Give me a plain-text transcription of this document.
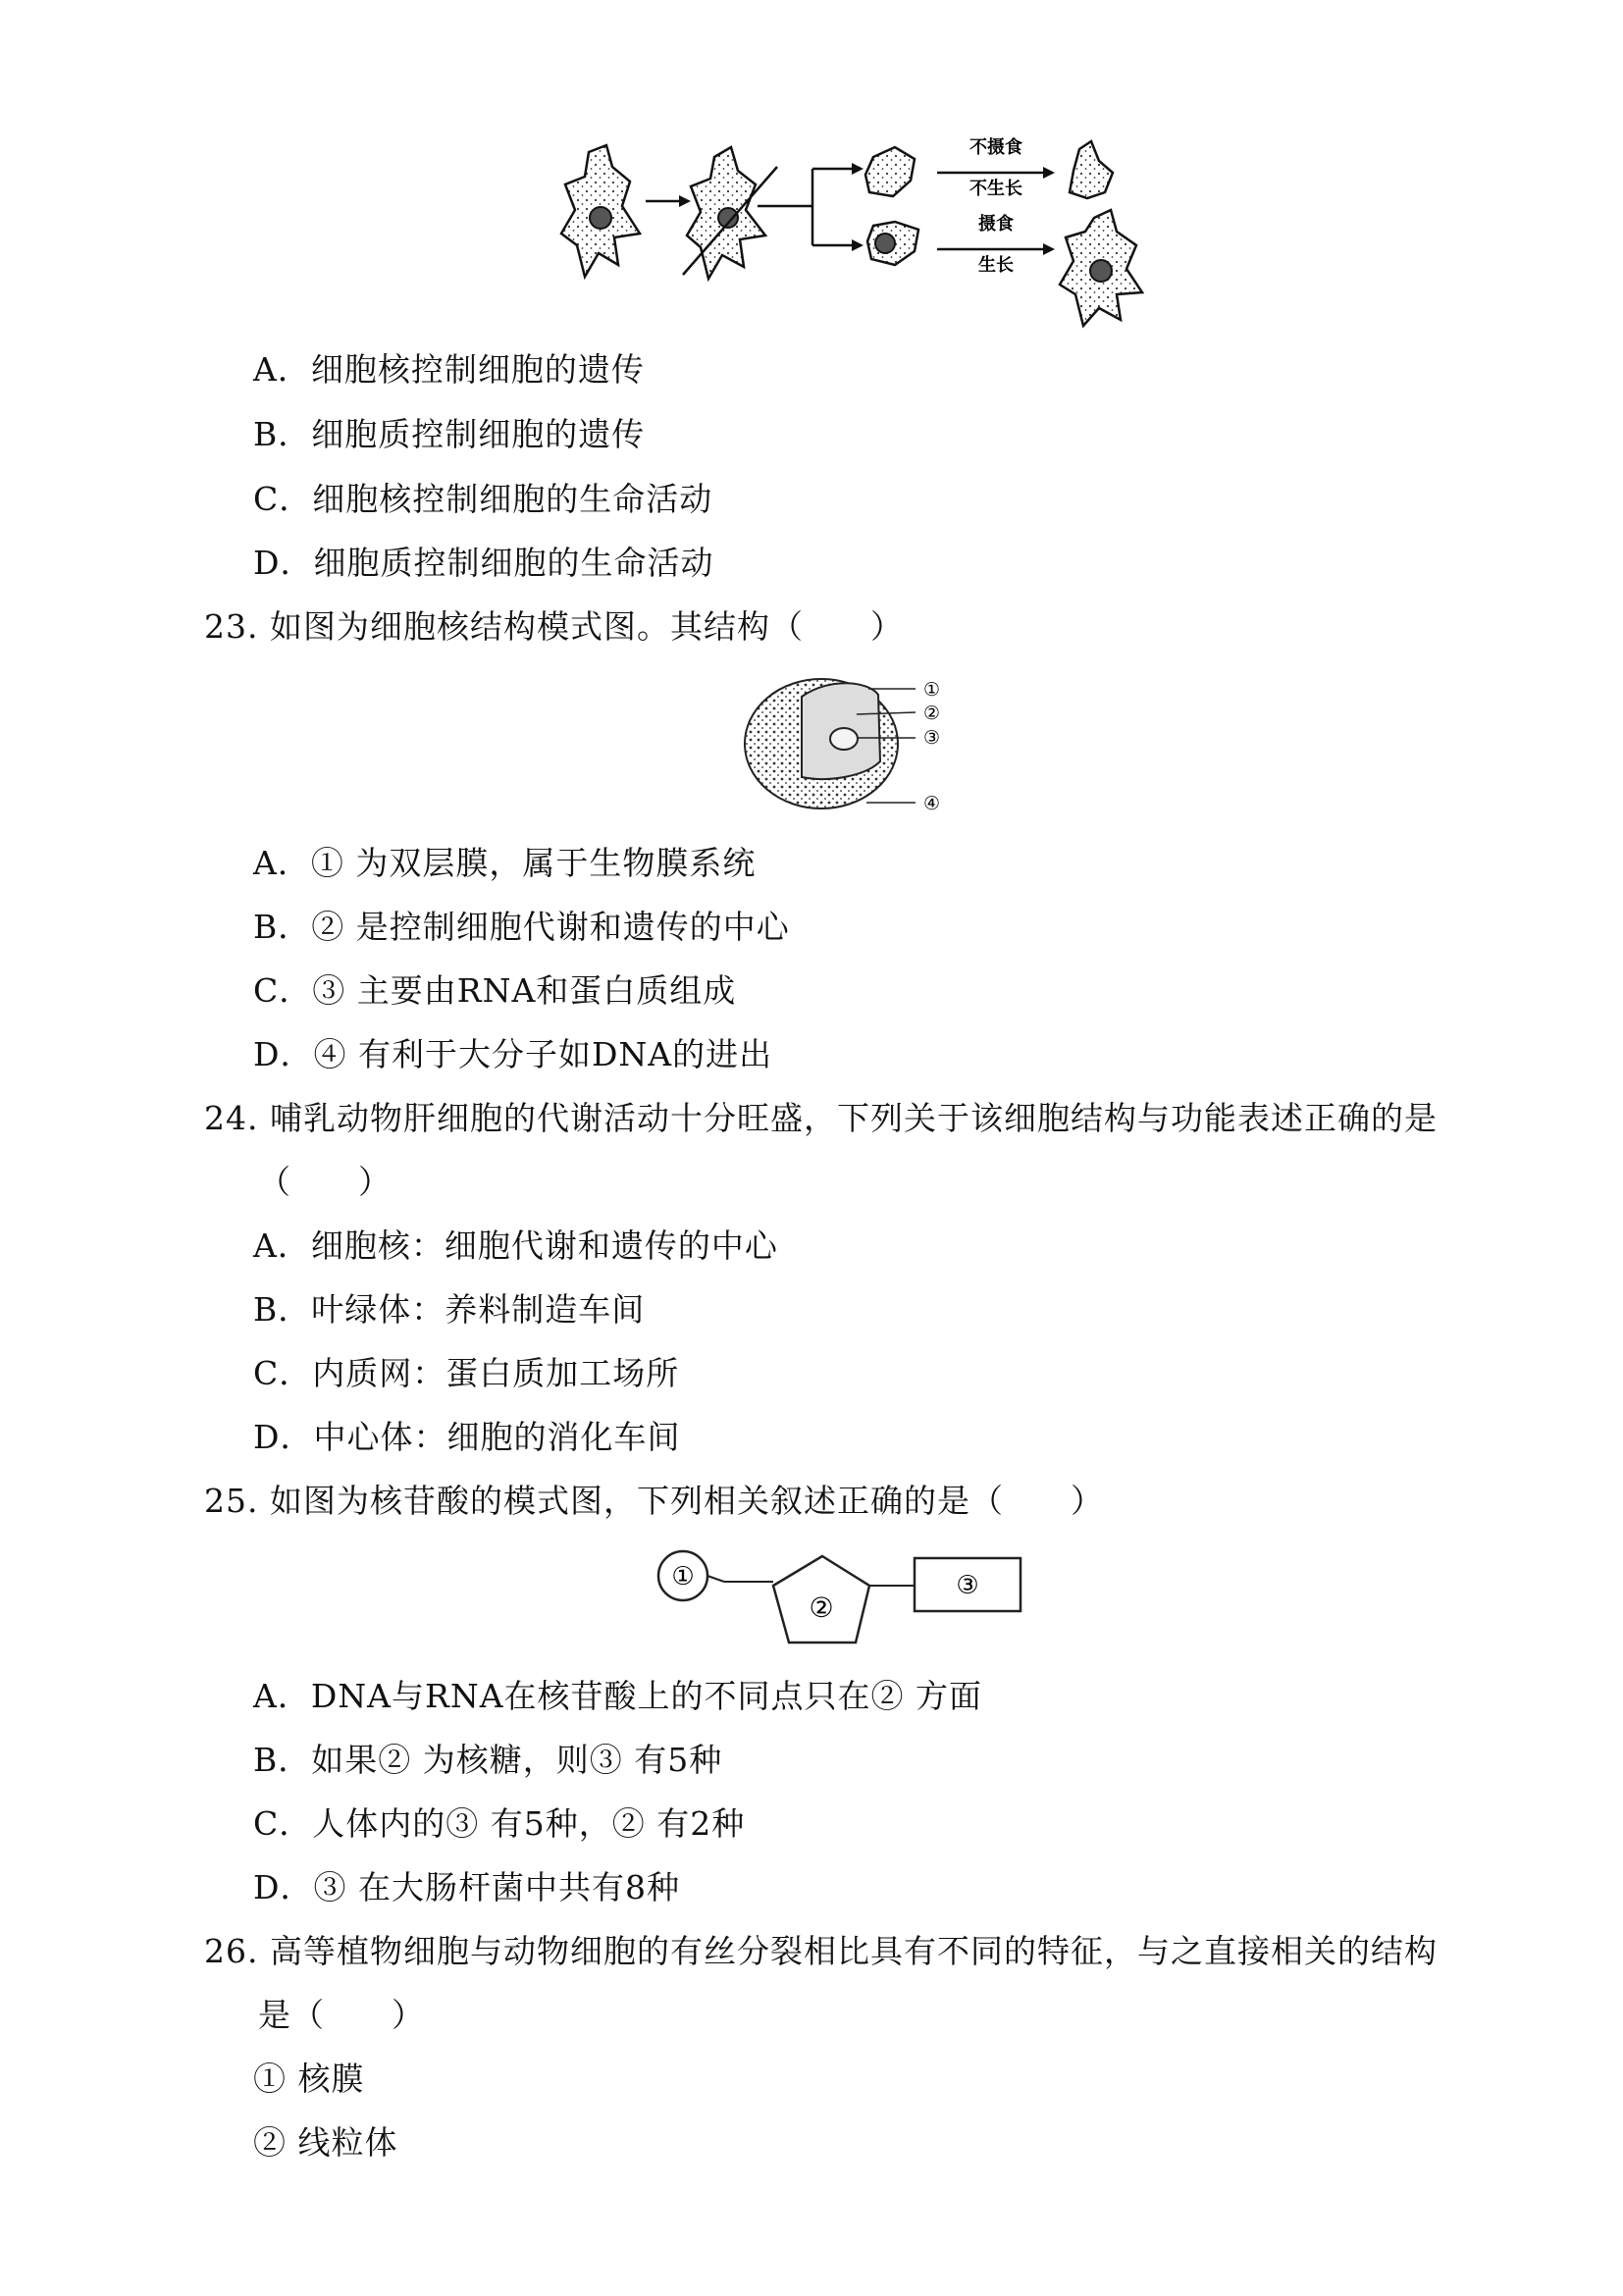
不摄食
不生长
摄食
生长
A．细胞核控制细胞的遗传
B．细胞质控制细胞的遗传
C．细胞核控制细胞的生命活动
D．细胞质控制细胞的生命活动
23. 如图为细胞核结构模式图。其结构（　　）
①
②
③
④
A．① 为双层膜，属于生物膜系统
B．② 是控制细胞代谢和遗传的中心
C．③ 主要由RNA和蛋白质组成
D．④ 有利于大分子如DNA的进出
24. 哺乳动物肝细胞的代谢活动十分旺盛，下列关于该细胞结构与功能表述正确的是
（　　）
A．细胞核：细胞代谢和遗传的中心
B．叶绿体：养料制造车间
C．内质网：蛋白质加工场所
D．中心体：细胞的消化车间
25. 如图为核苷酸的模式图，下列相关叙述正确的是（　　）
①
②
③
A．DNA与RNA在核苷酸上的不同点只在② 方面
B．如果② 为核糖，则③ 有5种
C．人体内的③ 有5种，② 有2种
D．③ 在大肠杆菌中共有8种
26. 高等植物细胞与动物细胞的有丝分裂相比具有不同的特征，与之直接相关的结构
是（　　）
① 核膜
② 线粒体
